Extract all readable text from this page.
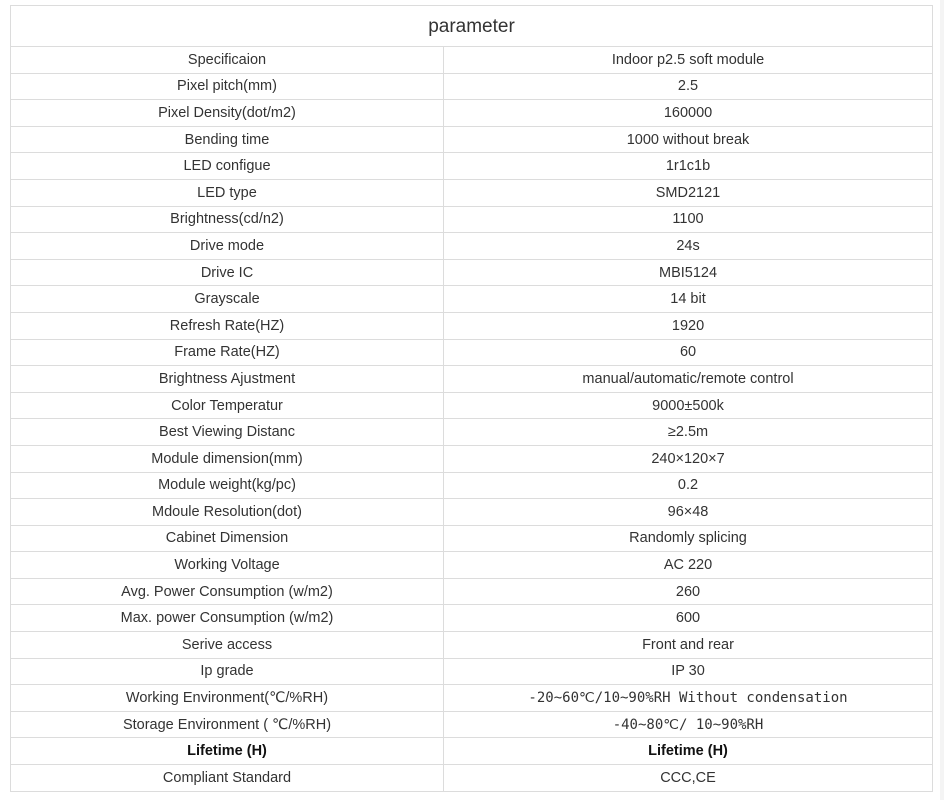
parameter	
Specificaion	Indoor p2.5 soft module
Pixel pitch(mm)	2.5
Pixel Density(dot/m2)	160000
Bending time	1000 without break
LED configue	1r1c1b
LED type	SMD2121
Brightness(cd/n2)	1100
Drive mode	24s
Drive IC	MBI5124
Grayscale	14 bit
Refresh Rate(HZ)	1920
Frame Rate(HZ)	60
Brightness Ajustment	manual/automatic/remote control
Color Temperatur	9000±500k
Best Viewing Distanc	≥2.5m
Module dimension(mm)	240×120×7
Module weight(kg/pc)	0.2
Mdoule Resolution(dot)	96×48
Cabinet Dimension	Randomly splicing
Working Voltage	AC 220
Avg. Power Consumption (w/m2)	260
Max. power Consumption (w/m2)	600
Serive access	Front and rear
Ip grade	IP 30
Working Environment(℃/%RH)	-20~60℃/10~90%RH Without condensation
Storage Environment ( ℃/%RH)	-40~80℃/ 10~90%RH
Lifetime (H)	Lifetime (H)
Compliant Standard	CCC,CE
